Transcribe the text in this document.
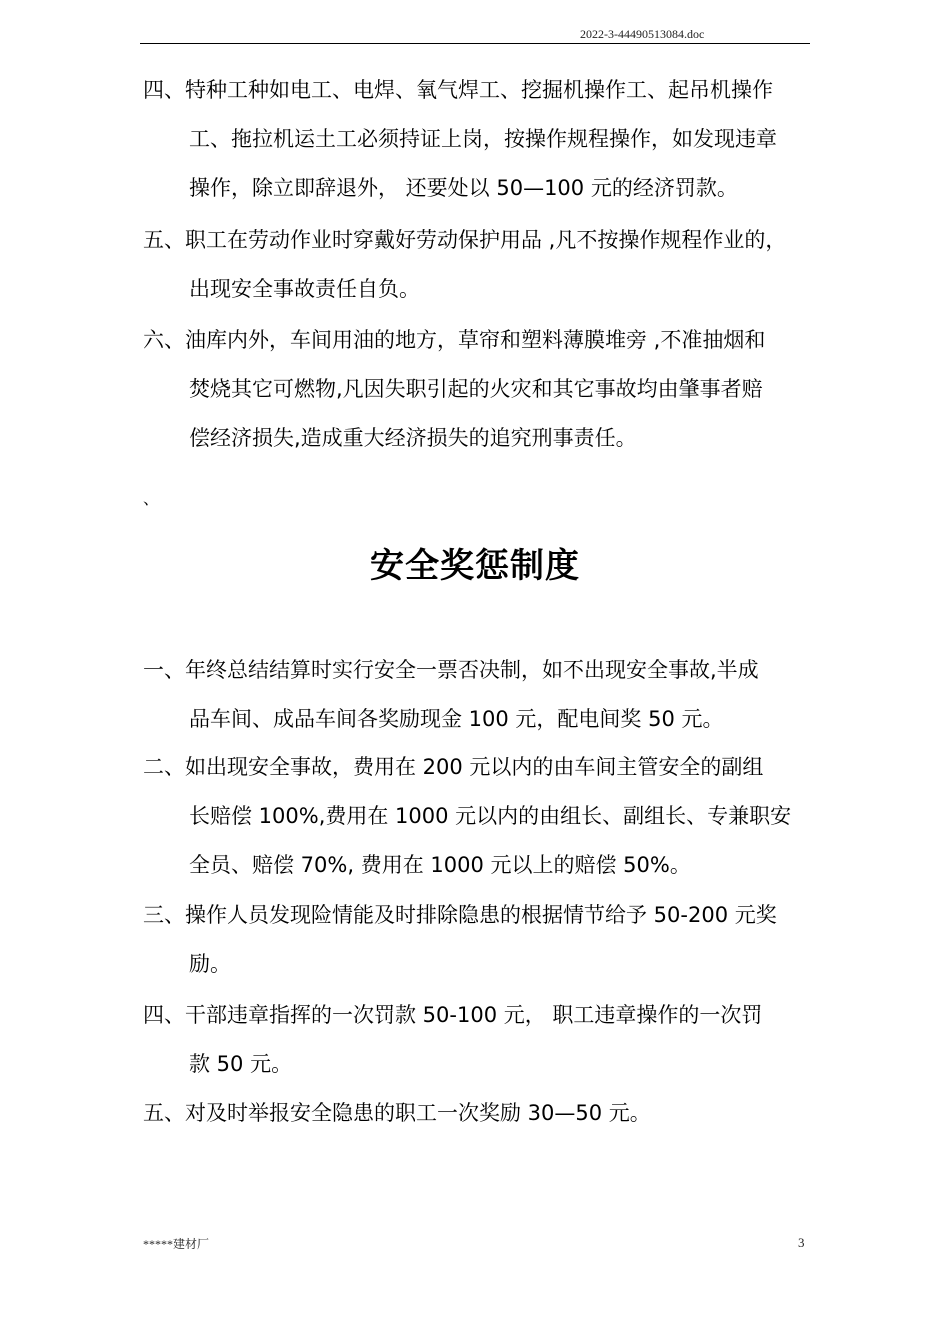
2022-3-44490513084.doc
四、特种工种如电工、电焊、氧气焊工、挖掘机操作工、起吊机操作
工、拖拉机运土工必须持证上岗，按操作规程操作，如发现违章
操作，除立即辞退外， 还要处以 50—100 元的经济罚款。
五、职工在劳动作业时穿戴好劳动保护用品 ,凡不按操作规程作业的，
出现安全事故责任自负。
六、油库内外，车间用油的地方，草帘和塑料薄膜堆旁 ,不准抽烟和
焚烧其它可燃物,凡因失职引起的火灾和其它事故均由肇事者赔
偿经济损失,造成重大经济损失的追究刑事责任。
、
安全奖惩制度
一、年终总结结算时实行安全一票否决制，如不出现安全事故,半成
品车间、成品车间各奖励现金 100 元，配电间奖 50 元。
二、如出现安全事故，费用在 200 元以内的由车间主管安全的副组
长赔偿 100%,费用在 1000 元以内的由组长、副组长、专兼职安
全员、赔偿 70%, 费用在 1000 元以上的赔偿 50%。
三、操作人员发现险情能及时排除隐患的根据情节给予 50-200 元奖
励。
四、干部违章指挥的一次罚款 50-100 元， 职工违章操作的一次罚
款 50 元。
五、对及时举报安全隐患的职工一次奖励 30—50 元。
*****建材厂	3
